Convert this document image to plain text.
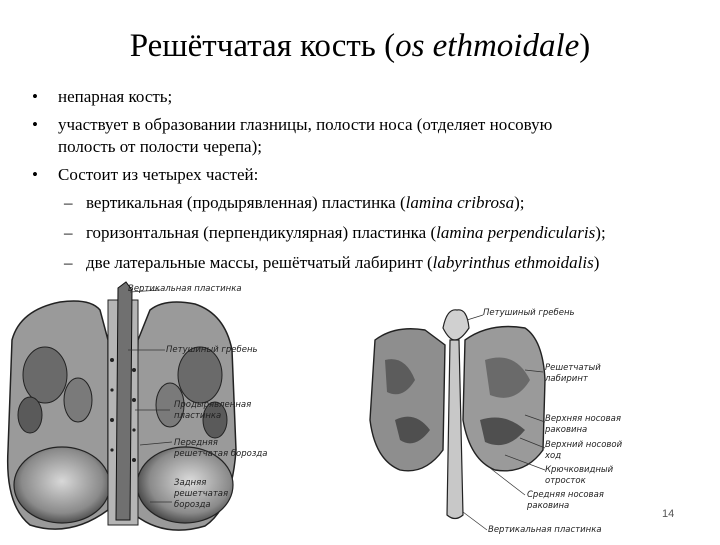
Решётчатая кость (os ethmoidale)
• непарная кость;
• участвует в образовании глазницы, полости носа (отделяет носовую
полость от полости черепа);
• Состоит из четырех частей:
– вертикальная (продырявленная) пластинка (lamina cribrosa);
– горизонтальная (перпендикулярная) пластинка (lamina perpendicularis);
– две латеральные массы, решётчатый лабиринт (labyrinthus ethmoidalis)
Вертикальная пластинка
Петушиный гребень
Продырявленная
пластинка
Передняя
решетчатая борозда
Задняя
решетчатая
борозда
Петушиный гребень
Решетчатый
лабиринт
Верхняя носовая
раковина
Верхний носовой
ход
Крючковидный
отросток
Средняя носовая
раковина
Вертикальная пластинка
14
